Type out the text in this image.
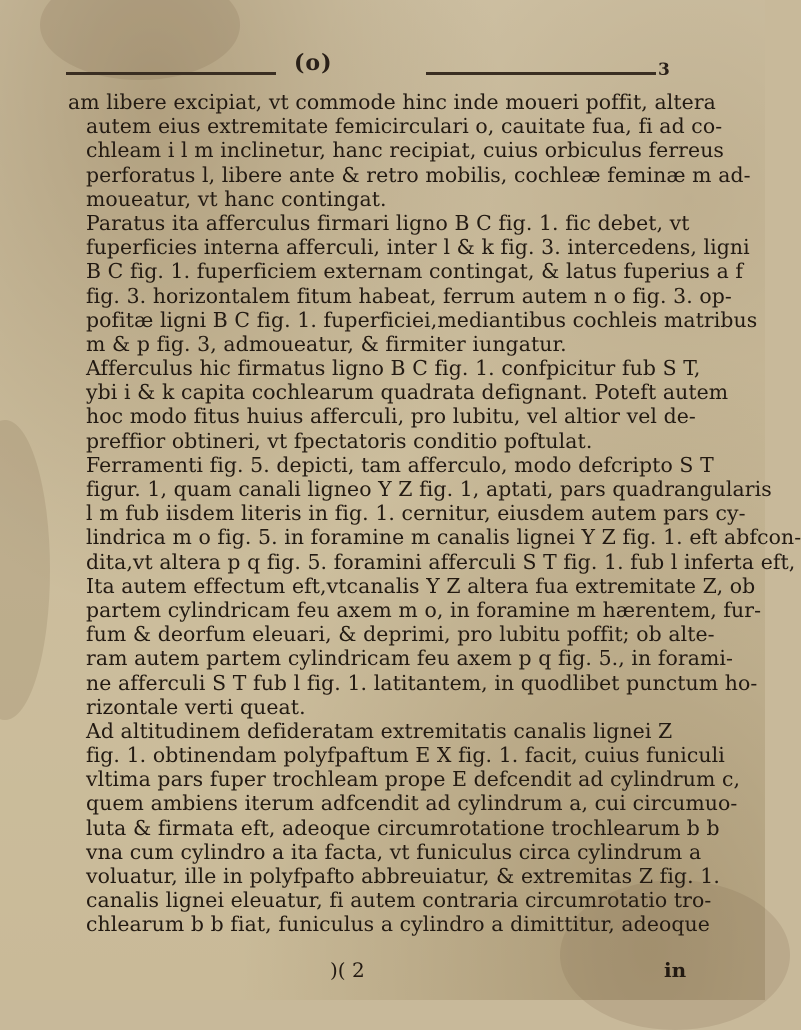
(o)	3
am libere excipiat, vt commode hinc inde moueri poffit, altera
autem eius extremitate femicirculari o, cauitate fua, fi ad co-
chleam i l m inclinetur, hanc recipiat, cuius orbiculus ferreus
perforatus l, libere ante & retro mobilis, cochleæ feminæ m ad-
moueatur, vt hanc contingat.
Paratus ita afferculus firmari ligno B C fig. 1. fic debet, vt
fuperficies interna afferculi, inter l & k fig. 3. intercedens, ligni
B C fig. 1. fuperficiem externam contingat, & latus fuperius a f
fig. 3. horizontalem fitum habeat, ferrum autem n o fig. 3. op-
pofitæ ligni B C fig. 1. fuperficiei,mediantibus cochleis matribus
m & p fig. 3, admoueatur, & firmiter iungatur.
Afferculus hic firmatus ligno B C fig. 1. confpicitur fub S T,
ybi i & k capita cochlearum quadrata defignant. Poteft autem
hoc modo fitus huius afferculi, pro lubitu, vel altior vel de-
preffior obtineri, vt fpectatoris conditio poftulat.
Ferramenti fig. 5. depicti, tam afferculo, modo defcripto S T
figur. 1, quam canali ligneo Y Z fig. 1, aptati, pars quadrangularis
l m fub iisdem literis in fig. 1. cernitur, eiusdem autem pars cy-
lindrica m o fig. 5. in foramine m canalis lignei Y Z fig. 1. eft abfcon-
dita,vt altera p q fig. 5. foramini afferculi S T fig. 1. fub l inferta eft,
Ita autem effectum eft,vtcanalis Y Z altera fua extremitate Z, ob
partem cylindricam feu axem m o, in foramine m hærentem, fur-
fum & deorfum eleuari, & deprimi, pro lubitu poffit; ob alte-
ram autem partem cylindricam feu axem p q fig. 5., in forami-
ne afferculi S T fub l fig. 1. latitantem, in quodlibet punctum ho-
rizontale verti queat.
Ad altitudinem defideratam extremitatis canalis lignei Z
fig. 1. obtinendam polyfpaftum E X fig. 1. facit, cuius funiculi
vltima pars fuper trochleam prope E defcendit ad cylindrum c,
quem ambiens iterum adfcendit ad cylindrum a, cui circumuo-
luta & firmata eft, adeoque circumrotatione trochlearum b b
vna cum cylindro a ita facta, vt funiculus circa cylindrum a
voluatur, ille in polyfpafto abbreuiatur, & extremitas Z fig. 1.
canalis lignei eleuatur, fi autem contraria circumrotatio tro-
chlearum b b fiat, funiculus a cylindro a dimittitur, adeoque
)( 2	in
